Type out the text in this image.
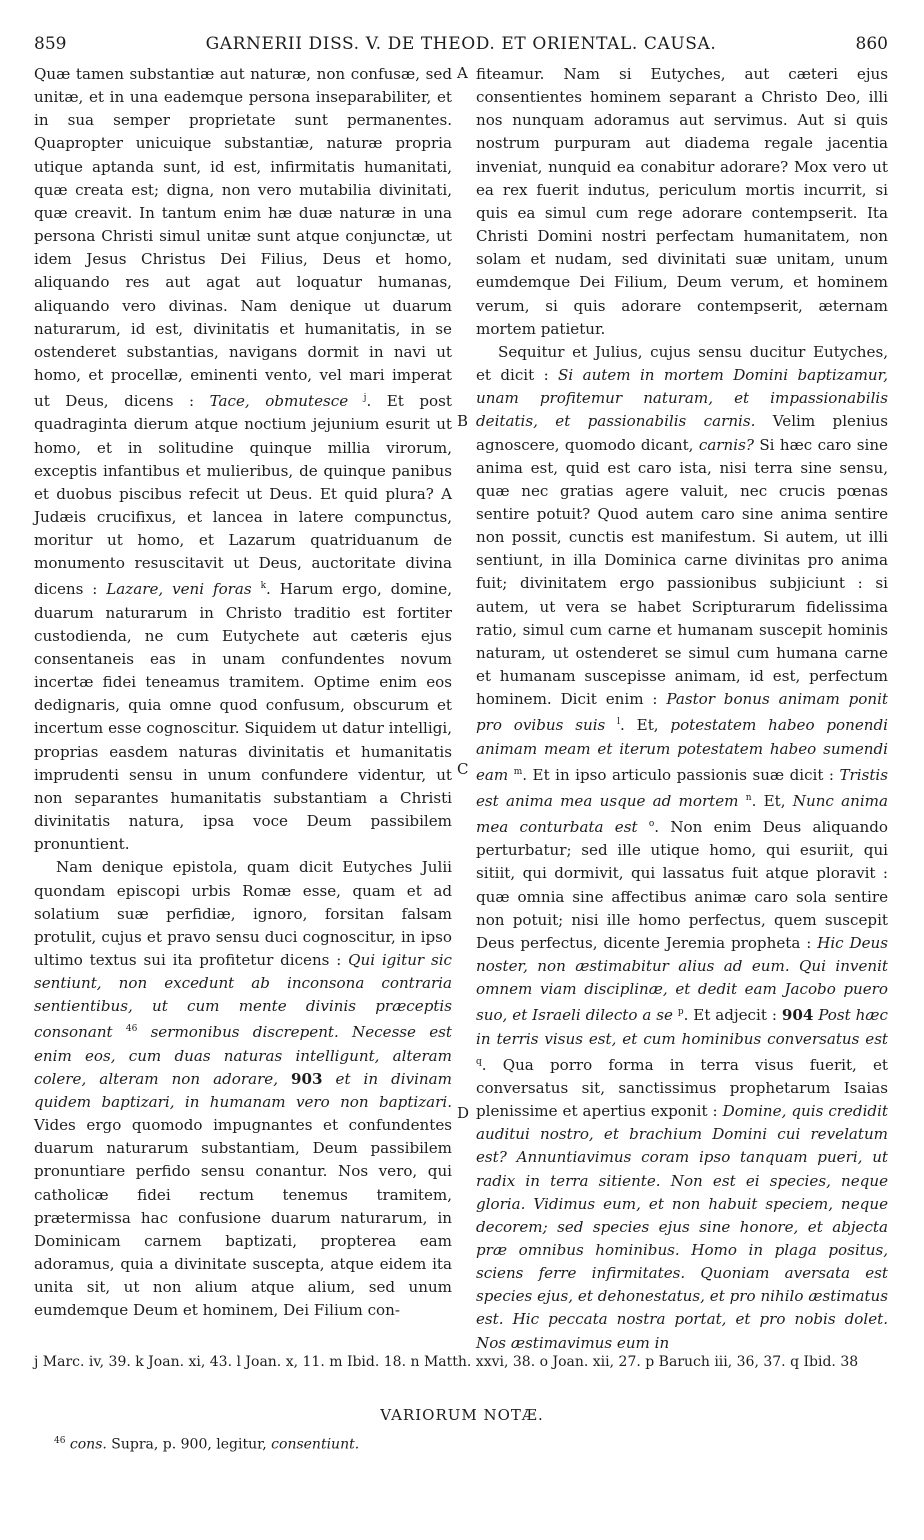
859	GARNERII DISS. V. DE THEOD. ET ORIENTAL. CAUSA.	860

Quæ tamen substantiæ aut naturæ, non confusæ, sed unitæ, et in una eademque persona inseparabiliter, et in sua semper proprietate sunt permanentes. Quapropter unicuique substantiæ, naturæ propria utique aptanda sunt, id est, infirmitatis humanitati, quæ creata est; digna, non vero mutabilia divinitati, quæ creavit. In tantum enim hæ duæ naturæ in una persona Christi simul unitæ sunt atque conjunctæ, ut idem Jesus Christus Dei Filius, Deus et homo, aliquando res aut agat aut loquatur humanas, aliquando vero divinas. Nam denique ut duarum naturarum, id est, divinitatis et humanitatis, in se ostenderet substantias, navigans dormit in navi ut homo, et procellæ, eminenti vento, vel mari imperat ut Deus, dicens : Tace, obmutesce $^j$. Et post quadraginta dierum atque noctium jejunium esurit ut homo, et in solitudine quinque millia virorum, exceptis infantibus et mulieribus, de quinque panibus et duobus piscibus refecit ut Deus. Et quid plura? A Judæis crucifixus, et lancea in latere compunctus, moritur ut homo, et Lazarum quatriduanum de monumento resuscitavit ut Deus, auctoritate divina dicens : Lazare, veni foras $^k$. Harum ergo, domine, duarum naturarum in Christo traditio est fortiter custodienda, ne cum Eutychete aut cæteris ejus consentaneis eas in unam confundentes novum incertæ fidei teneamus tramitem. Optime enim eos dedignaris, quia omne quod confusum, obscurum et incertum esse cognoscitur. Siquidem ut datur intelligi, proprias easdem naturas divinitatis et humanitatis imprudenti sensu in unum confundere videntur, ut non separantes humanitatis substantiam a Christi divinitatis natura, ipsa voce Deum passibilem pronuntient.

Nam denique epistola, quam dicit Eutyches Julii quondam episcopi urbis Romæ esse, quam et ad solatium suæ perfidiæ, ignoro, forsitan falsam protulit, cujus et pravo sensu duci cognoscitur, in ipso ultimo textus sui ita profitetur dicens : Qui igitur sic sentiunt, non excedunt ab inconsona contraria sentientibus, ut cum mente divinis præceptis consonant $^{46}$ sermonibus discrepent. Necesse est enim eos, cum duas naturas intelligunt, alteram colere, alteram non adorare, 903 et in divinam quidem baptizari, in humanam vero non baptizari. Vides ergo quomodo impugnantes et confundentes duarum naturarum substantiam, Deum passibilem pronuntiare perfido sensu conantur. Nos vero, qui catholicæ fidei rectum tenemus tramitem, prætermissa hac confusione duarum naturarum, in Dominicam carnem baptizati, propterea eam adoramus, quia a divinitate suscepta, atque eidem ita unita sit, ut non alium atque alium, sed unum eumdemque Deum et hominem, Dei Filium con-

A
B
C
D

fiteamur. Nam si Eutyches, aut cæteri ejus consentientes hominem separant a Christo Deo, illi nos nunquam adoramus aut servimus. Aut si quis nostrum purpuram aut diadema regale jacentia inveniat, nunquid ea conabitur adorare? Mox vero ut ea rex fuerit indutus, periculum mortis incurrit, si quis ea simul cum rege adorare contempserit. Ita Christi Domini nostri perfectam humanitatem, non solam et nudam, sed divinitati suæ unitam, unum eumdemque Dei Filium, Deum verum, et hominem verum, si quis adorare contempserit, æternam mortem patietur.

Sequitur et Julius, cujus sensu ducitur Eutyches, et dicit : Si autem in mortem Domini baptizamur, unam profitemur naturam, et impassionabilis deitatis, et passionabilis carnis. Velim plenius agnoscere, quomodo dicant, carnis? Si hæc caro sine anima est, quid est caro ista, nisi terra sine sensu, quæ nec gratias agere valuit, nec crucis pœnas sentire potuit? Quod autem caro sine anima sentire non possit, cunctis est manifestum. Si autem, ut illi sentiunt, in illa Dominica carne divinitas pro anima fuit; divinitatem ergo passionibus subjiciunt : si autem, ut vera se habet Scripturarum fidelissima ratio, simul cum carne et humanam suscepit hominis naturam, ut ostenderet se simul cum humana carne et humanam suscepisse animam, id est, perfectum hominem. Dicit enim : Pastor bonus animam ponit pro ovibus suis $^l$. Et, potestatem habeo ponendi animam meam et iterum potestatem habeo sumendi eam $^m$. Et in ipso articulo passionis suæ dicit : Tristis est anima mea usque ad mortem $^n$. Et, Nunc anima mea conturbata est $^o$. Non enim Deus aliquando perturbatur; sed ille utique homo, qui esuriit, qui sitiit, qui dormivit, qui lassatus fuit atque ploravit : quæ omnia sine affectibus animæ caro sola sentire non potuit; nisi ille homo perfectus, quem suscepit Deus perfectus, dicente Jeremia propheta : Hic Deus noster, non æstimabitur alius ad eum. Qui invenit omnem viam disciplinæ, et dedit eam Jacobo puero suo, et Israeli dilecto a se $^p$. Et adjecit : 904 Post hæc in terris visus est, et cum hominibus conversatus est $^q$. Qua porro forma in terra visus fuerit, et conversatus sit, sanctissimus prophetarum Isaias plenissime et apertius exponit : Domine, quis credidit auditui nostro, et brachium Domini cui revelatum est? Annuntiavimus coram ipso tanquam pueri, ut radix in terra sitiente. Non est ei species, neque gloria. Vidimus eum, et non habuit speciem, neque decorem; sed species ejus sine honore, et abjecta præ omnibus hominibus. Homo in plaga positus, sciens ferre infirmitates. Quoniam aversata est species ejus, et dehonestatus, et pro nihilo æstimatus est. Hic peccata nostra portat, et pro nobis dolet. Nos æstimavimus eum in

j Marc. iv, 39. k Joan. xi, 43. l Joan. x, 11. m Ibid. 18. n Matth. xxvi, 38. o Joan. xii, 27. p Baruch iii, 36, 37. q Ibid. 38
VARIORUM NOTÆ.
$^{46}$ cons. Supra, p. 900, legitur, consentiunt.
